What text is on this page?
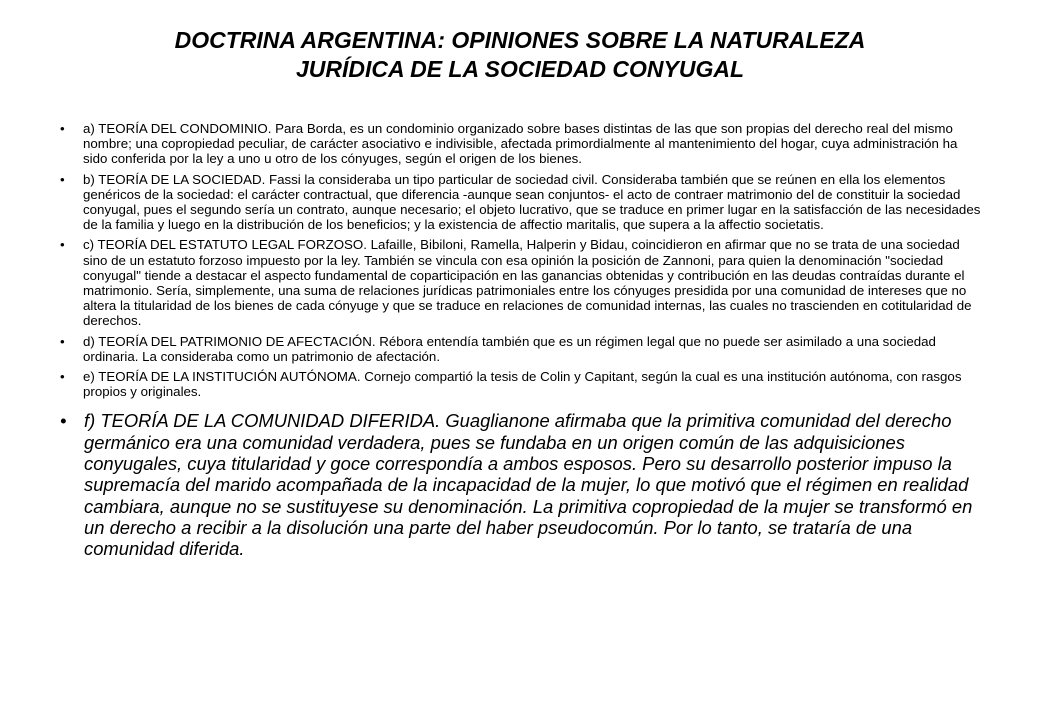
DOCTRINA ARGENTINA: OPINIONES SOBRE LA NATURALEZA
JURÍDICA DE LA SOCIEDAD CONYUGAL
• a) TEORÍA DEL CONDOMINIO. Para Borda, es un condominio organizado sobre bases distintas de las que son propias del derecho real del mismo nombre; una copropiedad peculiar, de carácter asociativo e indivisible, afectada primordialmente al mantenimiento del hogar, cuya administración ha sido conferida por la ley a uno u otro de los cónyuges, según el origen de los bienes.
• b) TEORÍA DE LA SOCIEDAD. Fassi la consideraba un tipo particular de sociedad civil. Consideraba también que se reúnen en ella los elementos genéricos de la sociedad: el carácter contractual, que diferencia -aunque sean conjuntos- el acto de contraer matrimonio del de constituir la sociedad conyugal, pues el segundo sería un contrato, aunque necesario; el objeto lucrativo, que se traduce en primer lugar en la satisfacción de las necesidades de la familia y luego en la distribución de los beneficios; y la existencia de affectio maritalis, que supera a la affectio societatis.
• c) TEORÍA DEL ESTATUTO LEGAL FORZOSO. Lafaille, Bibiloni, Ramella, Halperin y Bidau, coincidieron en afirmar que no se trata de una sociedad sino de un estatuto forzoso impuesto por la ley. También se vincula con esa opinión la posición de Zannoni, para quien la denominación "sociedad conyugal" tiende a destacar el aspecto fundamental de coparticipación en las ganancias obtenidas y contribución en las deudas contraídas durante el matrimonio. Sería, simplemente, una suma de relaciones jurídicas patrimoniales entre los cónyuges presidida por una comunidad de intereses que no altera la titularidad de los bienes de cada cónyuge y que se traduce en relaciones de comunidad internas, las cuales no trascienden en cotitularidad de derechos.
• d) TEORÍA DEL PATRIMONIO DE AFECTACIÓN. Rébora entendía también que es un régimen legal que no puede ser asimilado a una sociedad ordinaria. La consideraba como un patrimonio de afectación.
• e) TEORÍA DE LA INSTITUCIÓN AUTÓNOMA. Cornejo compartió la tesis de Colin y Capitant, según la cual es una institución autónoma, con rasgos propios y originales.
• f) TEORÍA DE LA COMUNIDAD DIFERIDA. Guaglianone afirmaba que la primitiva comunidad del derecho germánico era una comunidad verdadera, pues se fundaba en un origen común de las adquisiciones conyugales, cuya titularidad y goce correspondía a ambos esposos. Pero su desarrollo posterior impuso la supremacía del marido acompañada de la incapacidad de la mujer, lo que motivó que el régimen en realidad cambiara, aunque no se sustituyese su denominación. La primitiva copropiedad de la mujer se transformó en un derecho a recibir a la disolución una parte del haber pseudocomún. Por lo tanto, se trataría de una comunidad diferida.
